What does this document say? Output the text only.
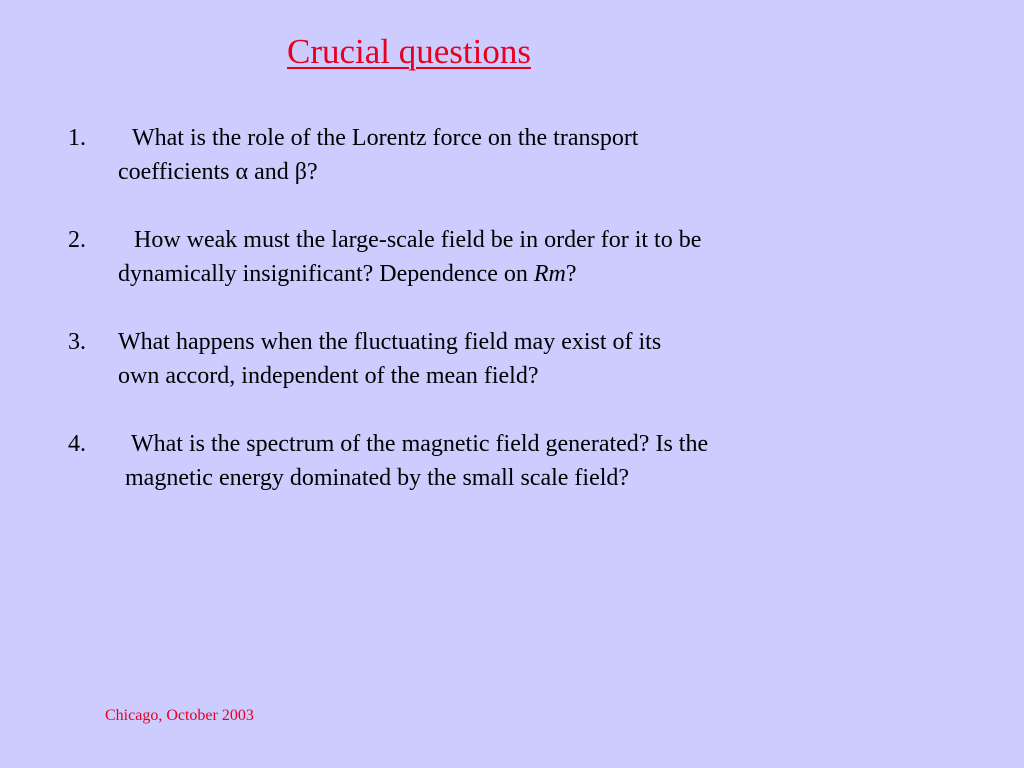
Crucial questions
1. What is the role of the Lorentz force on the transport
coefficients α and β?
2. How weak must the large-scale field be in order for it to be
dynamically insignificant? Dependence on Rm?
3. What happens when the fluctuating field may exist of its
own accord, independent of the mean field?
4. What is the spectrum of the magnetic field generated? Is the
magnetic energy dominated by the small scale field?
Chicago, October 2003
